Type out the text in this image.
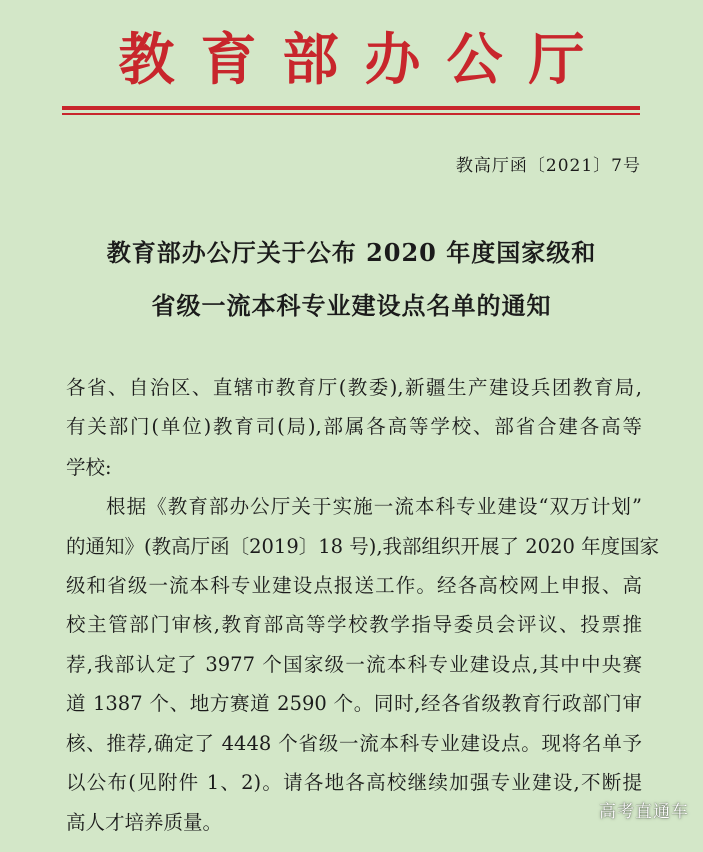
教育部办公厅
教高厅函〔2021〕7号
教育部办公厅关于公布 2020 年度国家级和
省级一流本科专业建设点名单的通知
各省、自治区、直辖市教育厅(教委),新疆生产建设兵团教育局,
有关部门(单位)教育司(局),部属各高等学校、部省合建各高等
学校:
根据《教育部办公厅关于实施一流本科专业建设“双万计划”
的通知》(教高厅函〔2019〕18 号),我部组织开展了 2020 年度国家
级和省级一流本科专业建设点报送工作。经各高校网上申报、高
校主管部门审核,教育部高等学校教学指导委员会评议、投票推
荐,我部认定了 3977 个国家级一流本科专业建设点,其中中央赛
道 1387 个、地方赛道 2590 个。同时,经各省级教育行政部门审
核、推荐,确定了 4448 个省级一流本科专业建设点。现将名单予
以公布(见附件 1、2)。请各地各高校继续加强专业建设,不断提
高人才培养质量。	高考直通车
